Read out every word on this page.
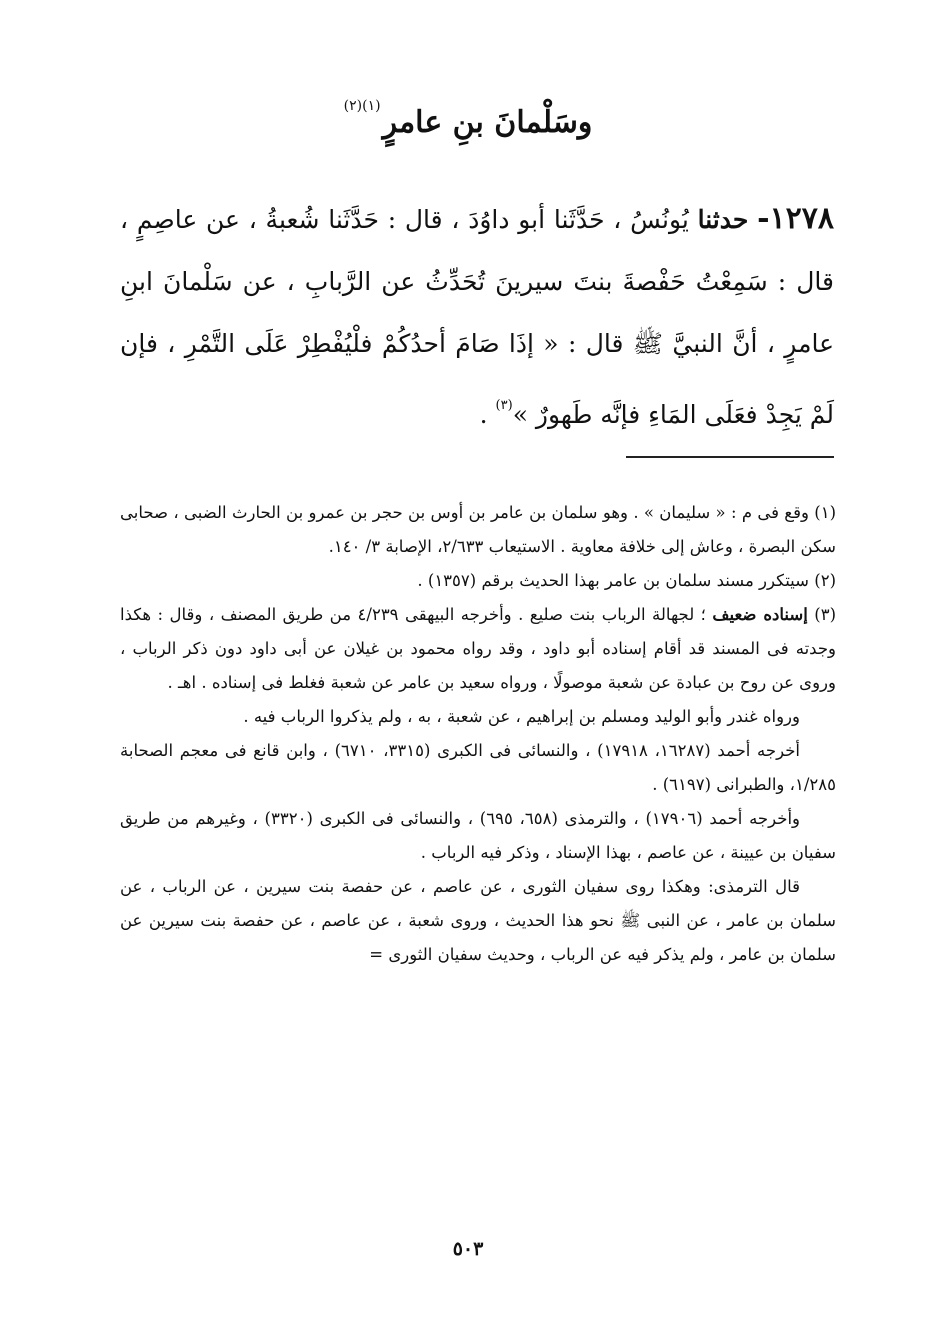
وسَلْمانَ بنِ عامرٍ$^{(١)(٢)}$
١٢٧٨- حدثنا يُونُسُ ، حَدَّثَنا أبو داوُدَ ، قال : حَدَّثَنا شُعبةُ ، عن عاصِمٍ ، قال : سَمِعْتُ حَفْصةَ بنتَ سيرينَ تُحَدِّثُ عن الرَّبابِ ، عن سَلْمانَ ابنِ عامرٍ ، أنَّ النبيَّ ﷺ قال : « إذَا صَامَ أحدُكُمْ فلْيُفْطِرْ عَلَى التَّمْرِ ، فإن لَمْ يَجِدْ فعَلَى المَاءِ فإنَّه طَهورٌ »$^{(٣)}$ .

(١) وقع فى م : « سليمان » . وهو سلمان بن عامر بن أوس بن حجر بن عمرو بن الحارث الضبى ، صحابى سكن البصرة ، وعاش إلى خلافة معاوية . الاستيعاب ٢/٦٣٣، الإصابة ٣/ ١٤٠.

(٢) سيتكرر مسند سلمان بن عامر بهذا الحديث برقم (١٣٥٧) .

(٣) إسناده ضعيف ؛ لجهالة الرباب بنت صليع . وأخرجه البيهقى ٤/٢٣٩ من طريق المصنف ، وقال : هكذا وجدته فى المسند قد أقام إسناده أبو داود ، وقد رواه محمود بن غيلان عن أبى داود دون ذكر الرباب ، وروى عن روح بن عبادة عن شعبة موصولًا ، ورواه سعيد بن عامر عن شعبة فغلط فى إسناده . اهـ .

ورواه غندر وأبو الوليد ومسلم بن إبراهيم ، عن شعبة ، به ، ولم يذكروا الرباب فيه .

أخرجه أحمد (١٦٢٨٧، ١٧٩١٨) ، والنسائى فى الكبرى (٣٣١٥، ٦٧١٠) ، وابن قانع فى معجم الصحابة ١/٢٨٥، والطبرانى (٦١٩٧) .

وأخرجه أحمد (١٧٩٠٦) ، والترمذى (٦٥٨، ٦٩٥) ، والنسائى فى الكبرى (٣٣٢٠) ، وغيرهم من طريق سفيان بن عيينة ، عن عاصم ، بهذا الإسناد ، وذكر فيه الرباب .

قال الترمذى: وهكذا روى سفيان الثورى ، عن عاصم ، عن حفصة بنت سيرين ، عن الرباب ، عن سلمان بن عامر ، عن النبى ﷺ نحو هذا الحديث ، وروى شعبة ، عن عاصم ، عن حفصة بنت سيرين عن سلمان بن عامر ، ولم يذكر فيه عن الرباب ، وحديث سفيان الثورى =

٥٠٣
